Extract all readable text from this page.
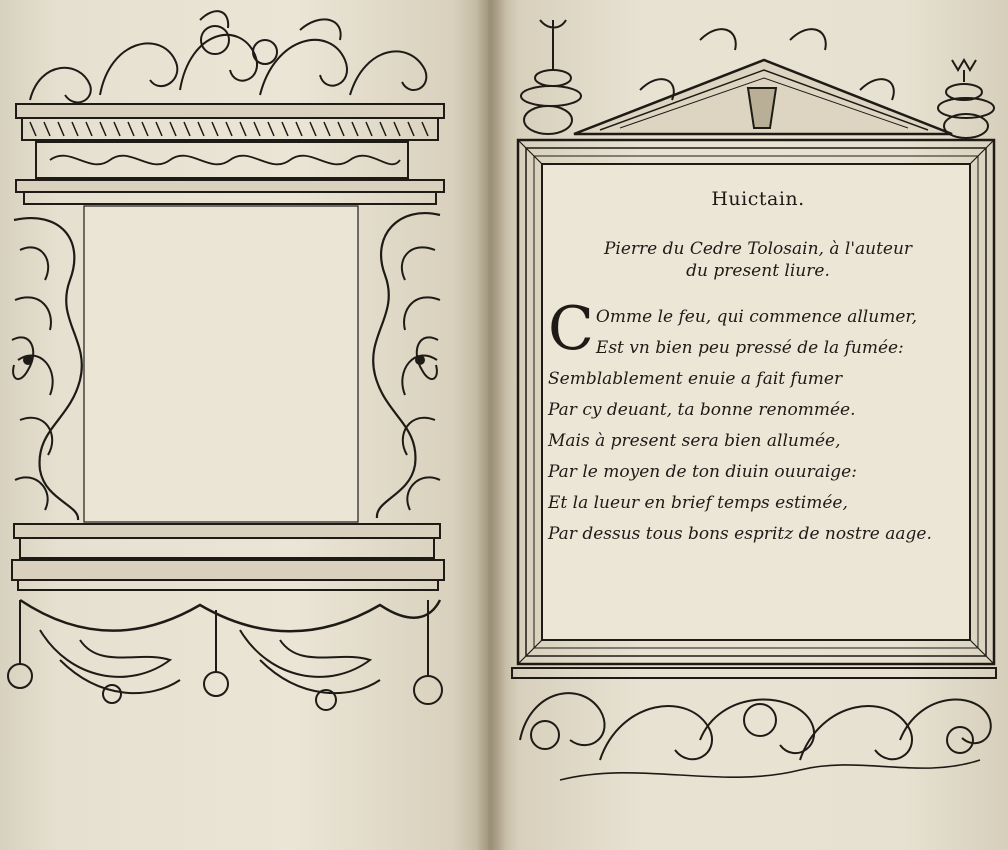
Huictain.
Pierre du Cedre Tolosain, à l'auteur
du present liure.
C Omme le feu, qui commence allumer,
Est vn bien peu pressé de la fumée:
Semblablement enuie a fait fumer
Par cy deuant, ta bonne renommée.
Mais à present sera bien allumée,
Par le moyen de ton diuin ouuraige:
Et la lueur en brief temps estimée,
Par dessus tous bons espritz de nostre aage.
